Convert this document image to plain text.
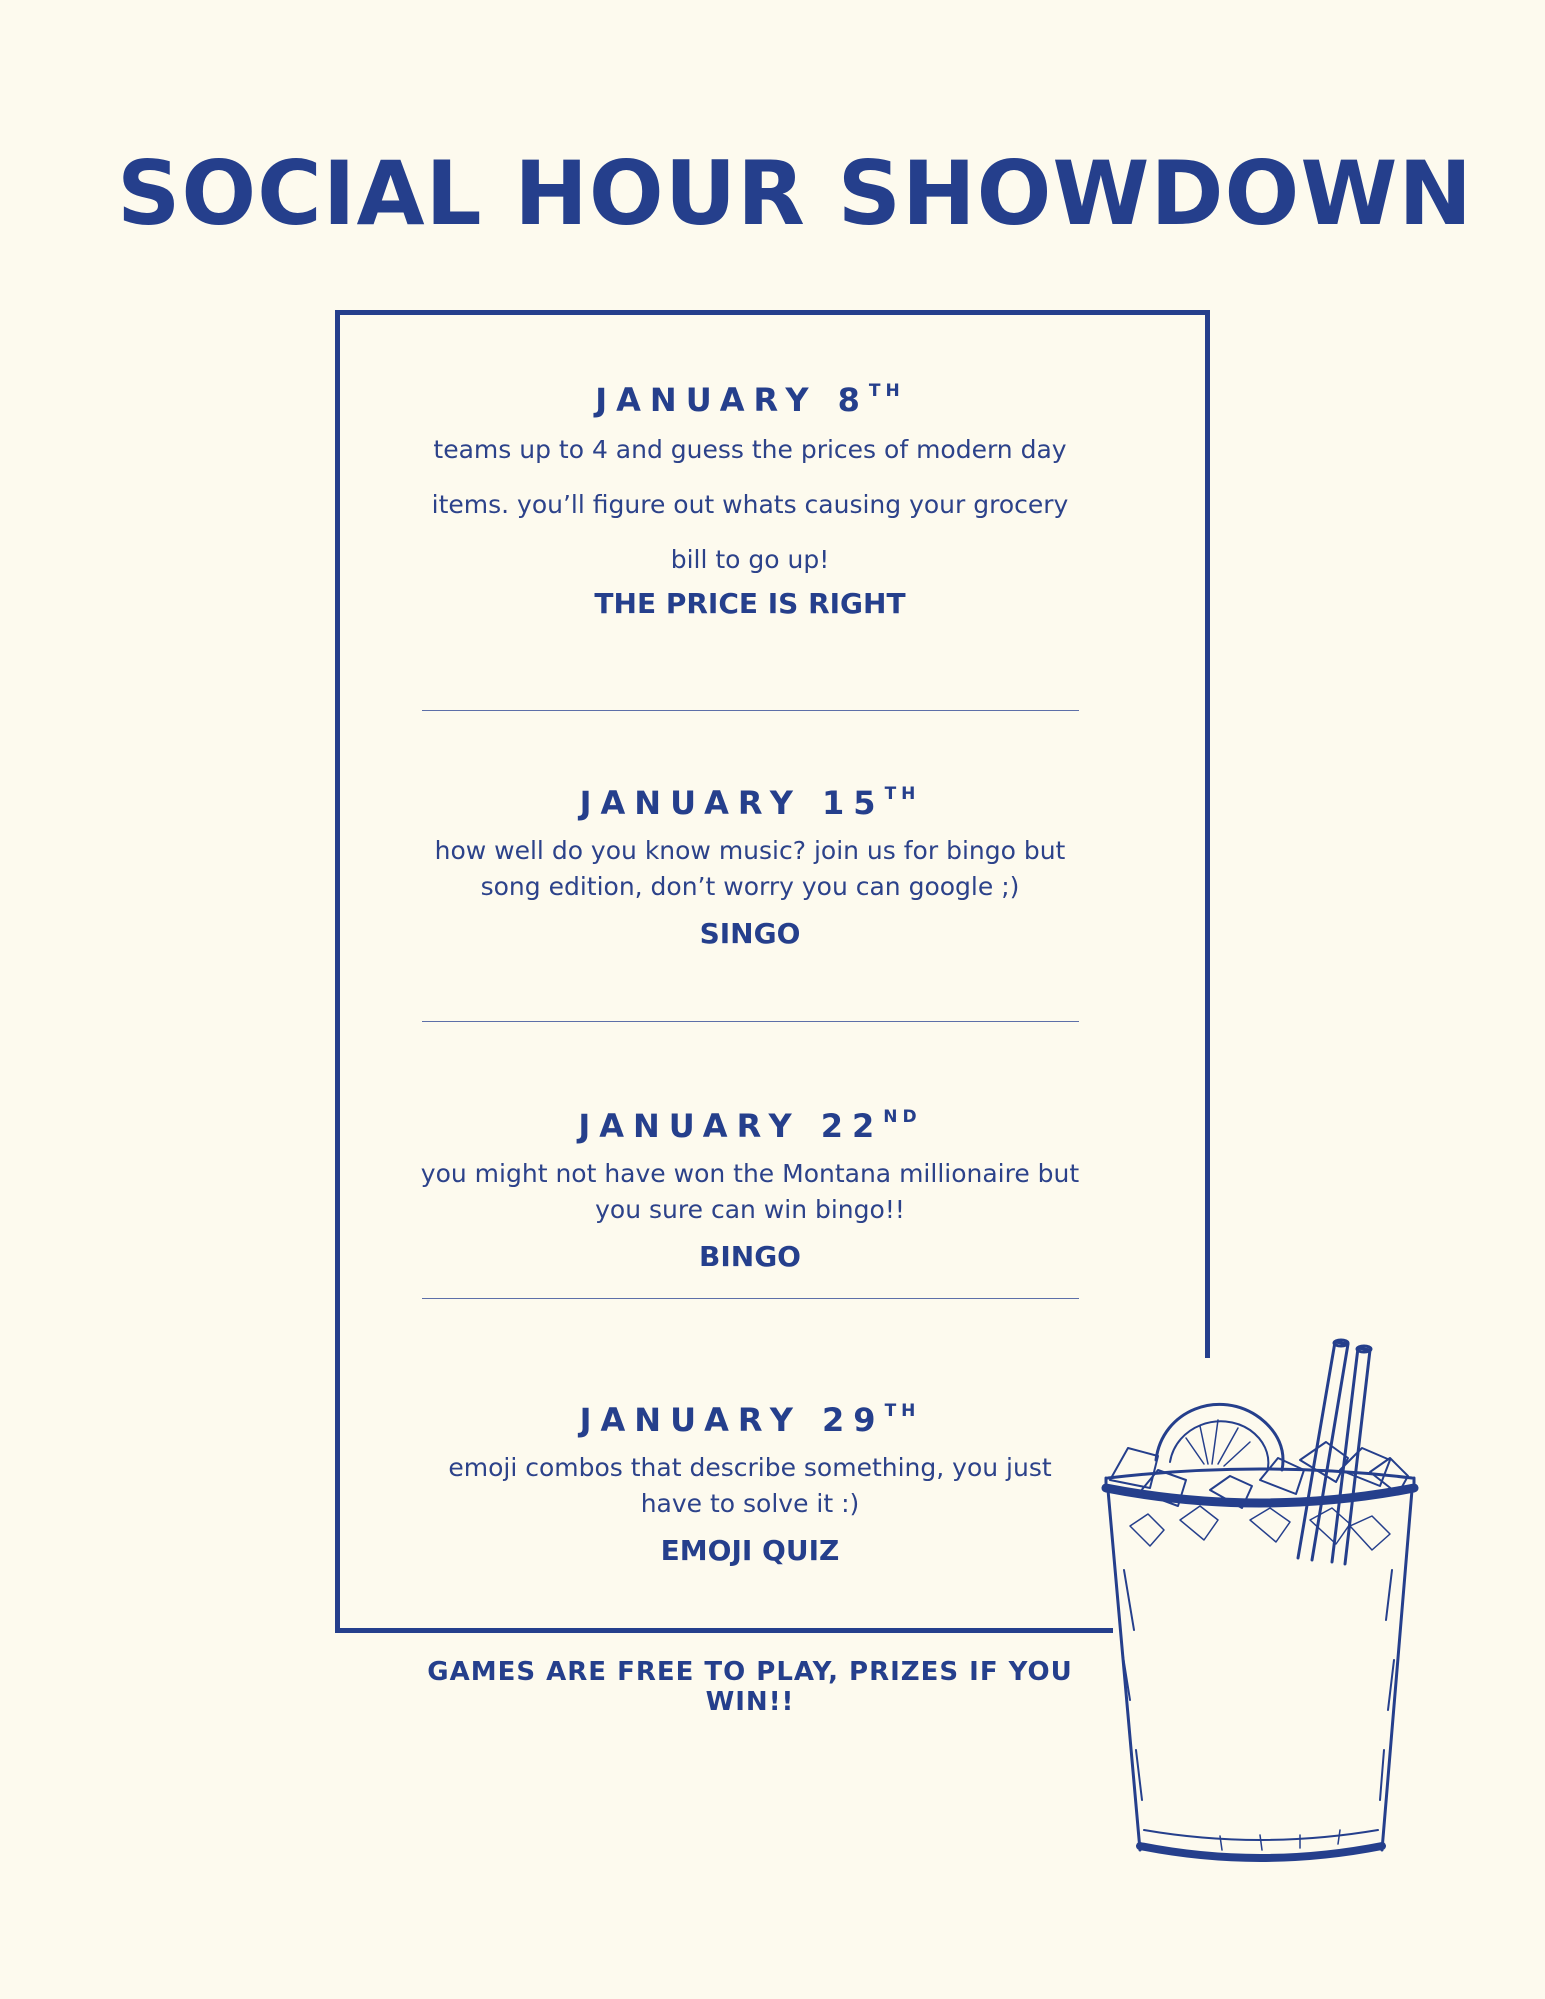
SOCIAL HOUR SHOWDOWN

JANUARY 8TH

teams up to 4 and guess the prices of modern day items. you’ll figure out whats causing your grocery bill to go up!

THE PRICE IS RIGHT

JANUARY 15TH

how well do you know music? join us for bingo but song edition, don’t worry you can google ;)

SINGO

JANUARY 22ND

you might not have won the Montana millionaire but you sure can win bingo!!

BINGO

JANUARY 29TH

emoji combos that describe something, you just have to solve it :)

EMOJI QUIZ

GAMES ARE FREE TO PLAY, PRIZES IF YOU WIN!!
